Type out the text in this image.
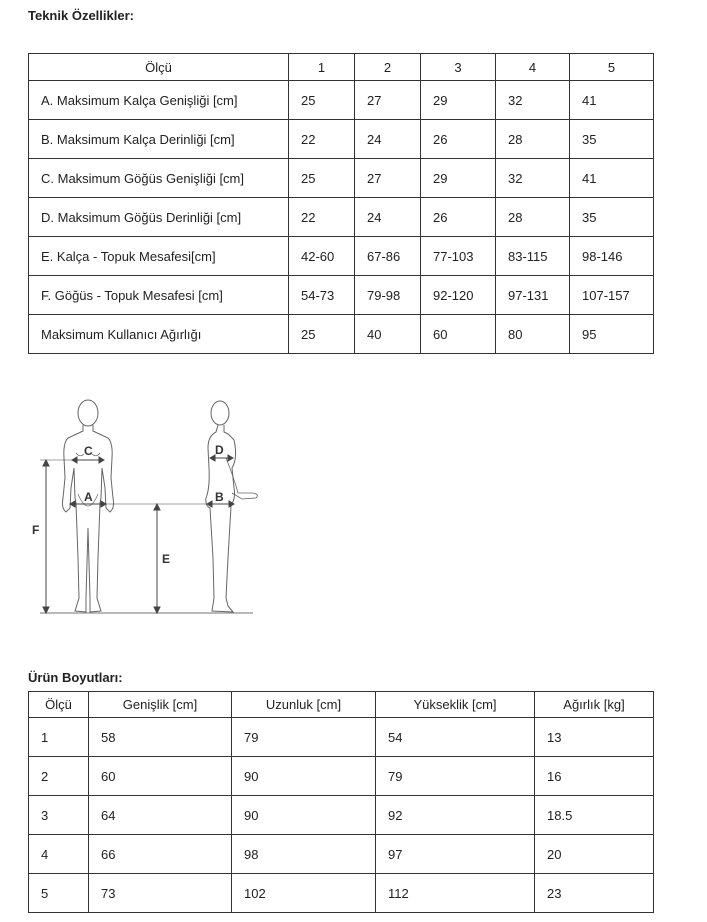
Teknik Özellikler:
Ölçü	1	2	3	4	5
A. Maksimum Kalça Genişliği [cm]	25	27	29	32	41
B. Maksimum Kalça Derinliği [cm]	22	24	26	28	35
C. Maksimum Göğüs Genişliği [cm]	25	27	29	32	41
D. Maksimum Göğüs Derinliği [cm]	22	24	26	28	35
E. Kalça - Topuk Mesafesi[cm]	42-60	67-86	77-103	83-115	98-146
F. Göğüs - Topuk Mesafesi [cm]	54-73	79-98	92-120	97-131	107-157
Maksimum Kullanıcı Ağırlığı	25	40	60	80	95
C
A
D
B
F
E
Ürün Boyutları:
Ölçü	Genişlik [cm]	Uzunluk [cm]	Yükseklik [cm]	Ağırlık [kg]
1	58	79	54	13
2	60	90	79	16
3	64	90	92	18.5
4	66	98	97	20
5	73	102	112	23
